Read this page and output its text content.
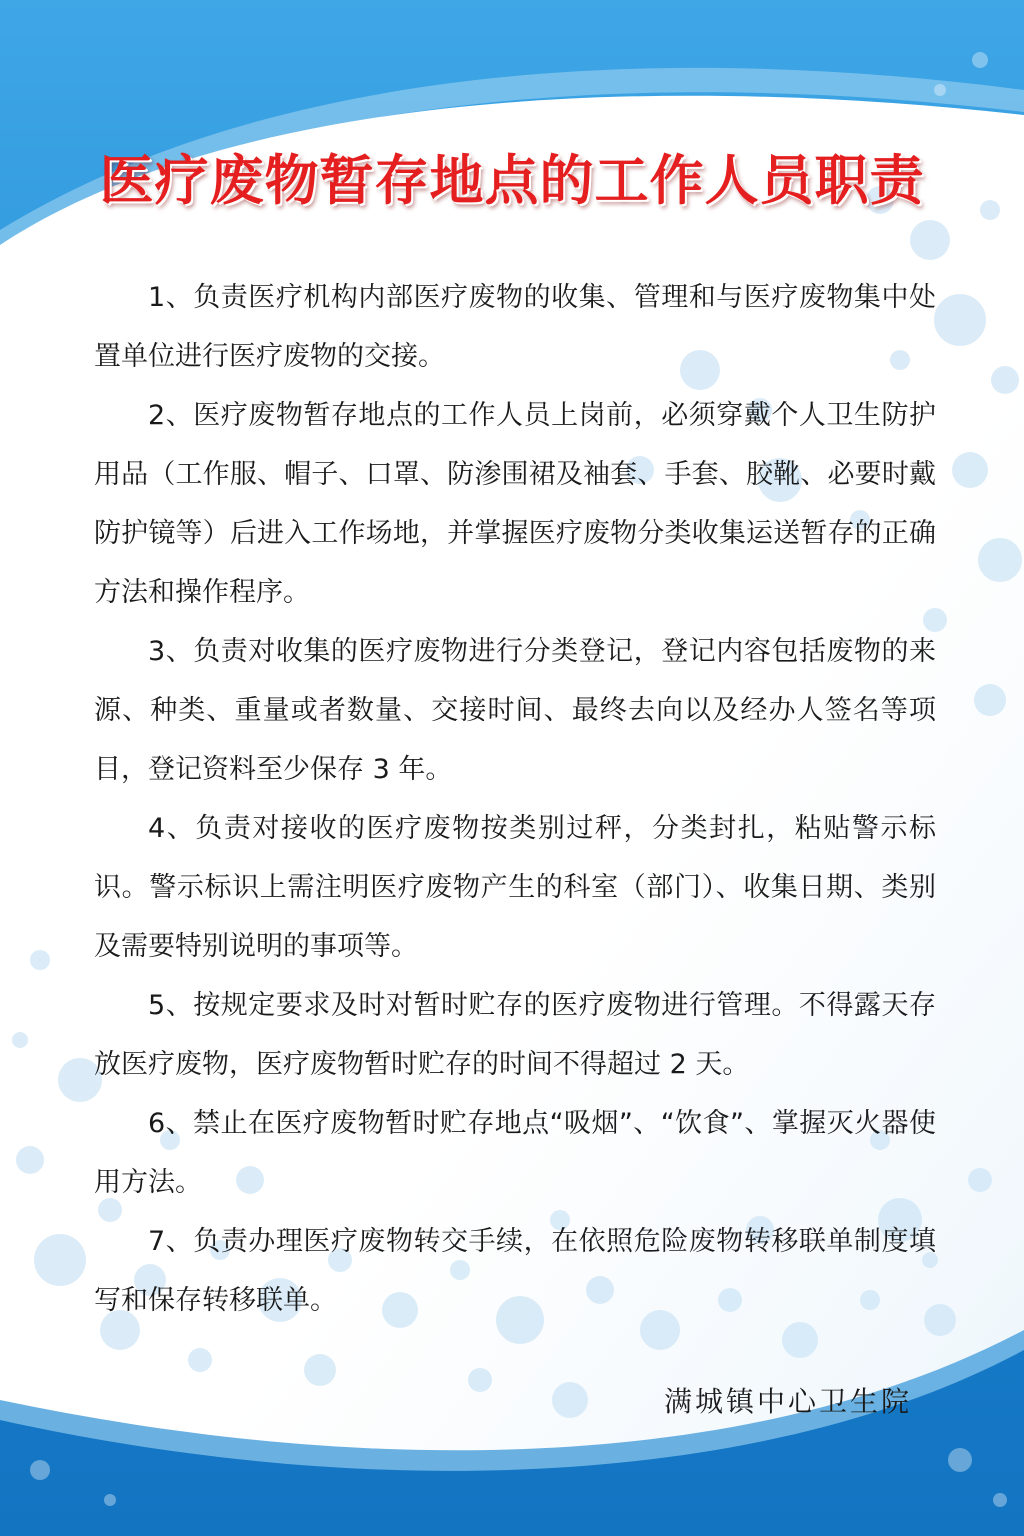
医疗废物暂存地点的工作人员职责

1、负责医疗机构内部医疗废物的收集、管理和与医疗废物集中处置单位进行医疗废物的交接。

2、医疗废物暂存地点的工作人员上岗前，必须穿戴个人卫生防护用品（工作服、帽子、口罩、防渗围裙及袖套、手套、胶靴、必要时戴防护镜等）后进入工作场地，并掌握医疗废物分类收集运送暂存的正确方法和操作程序。

3、负责对收集的医疗废物进行分类登记，登记内容包括废物的来源、种类、重量或者数量、交接时间、最终去向以及经办人签名等项目，登记资料至少保存 3 年。

4、负责对接收的医疗废物按类别过秤，分类封扎，粘贴警示标识。警示标识上需注明医疗废物产生的科室（部门）、收集日期、类别及需要特别说明的事项等。

5、按规定要求及时对暂时贮存的医疗废物进行管理。不得露天存放医疗废物，医疗废物暂时贮存的时间不得超过 2 天。

6、禁止在医疗废物暂时贮存地点“吸烟”、“饮食”、掌握灭火器使用方法。

7、负责办理医疗废物转交手续，在依照危险废物转移联单制度填写和保存转移联单。

满城镇中心卫生院
